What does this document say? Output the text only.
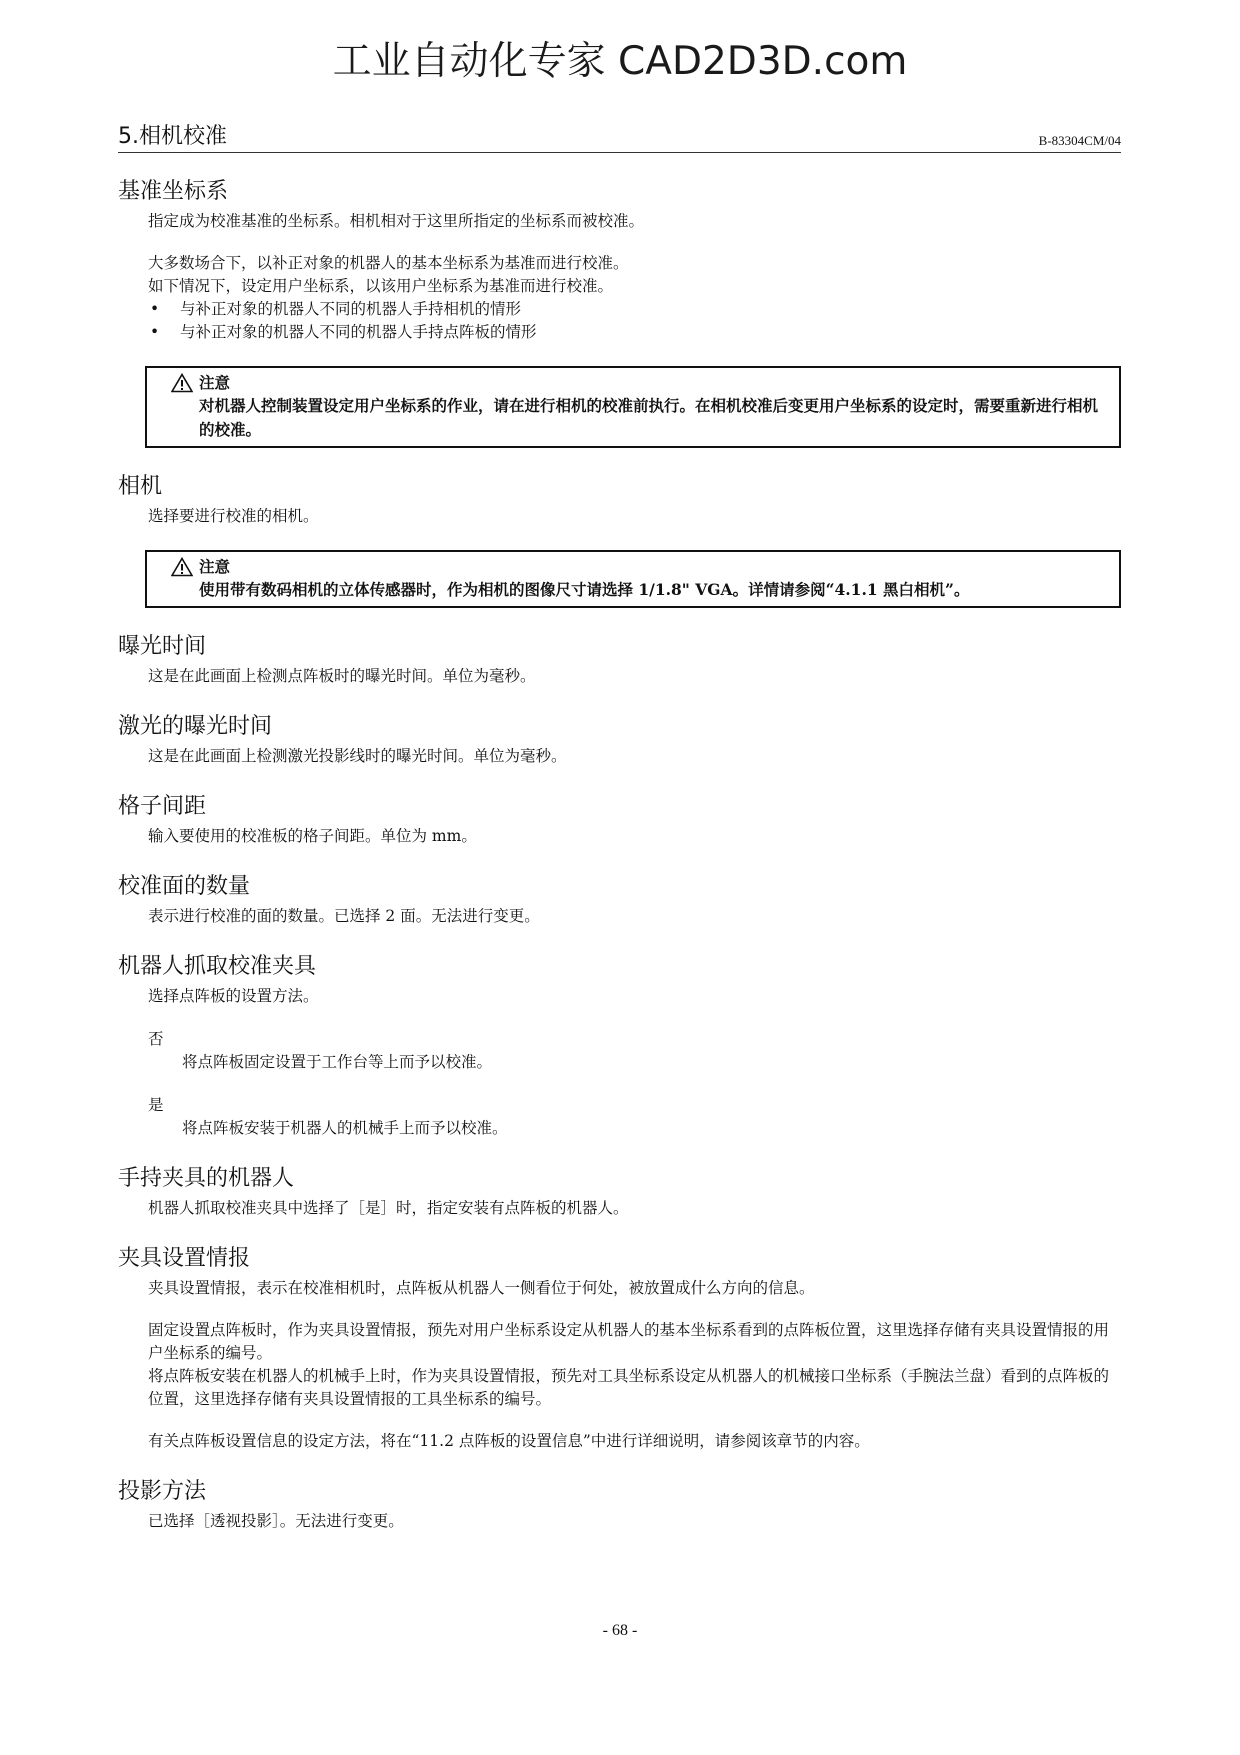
工业自动化专家 CAD2D3D.com
5.相机校准	B-83304CM/04
基准坐标系

指定成为校准基准的坐标系。相机相对于这里所指定的坐标系而被校准。

大多数场合下，以补正对象的机器人的基本坐标系为基准而进行校准。

如下情况下，设定用户坐标系，以该用户坐标系为基准而进行校准。

• 与补正对象的机器人不同的机器人手持相机的情形
• 与补正对象的机器人不同的机器人手持点阵板的情形
注意
对机器人控制装置设定用户坐标系的作业，请在进行相机的校准前执行。在相机校准后变更用户坐标系的设定时，需要重新进行相机的校准。
相机

选择要进行校准的相机。

注意
使用带有数码相机的立体传感器时，作为相机的图像尺寸请选择 1/1.8" VGA。详情请参阅“4.1.1 黑白相机”。
曝光时间

这是在此画面上检测点阵板时的曝光时间。单位为毫秒。

激光的曝光时间

这是在此画面上检测激光投影线时的曝光时间。单位为毫秒。

格子间距

输入要使用的校准板的格子间距。单位为 mm。

校准面的数量

表示进行校准的面的数量。已选择 2 面。无法进行变更。

机器人抓取校准夹具

选择点阵板的设置方法。

否
将点阵板固定设置于工作台等上而予以校准。
是
将点阵板安装于机器人的机械手上而予以校准。
手持夹具的机器人

机器人抓取校准夹具中选择了［是］时，指定安装有点阵板的机器人。

夹具设置情报

夹具设置情报，表示在校准相机时，点阵板从机器人一侧看位于何处，被放置成什么方向的信息。

固定设置点阵板时，作为夹具设置情报，预先对用户坐标系设定从机器人的基本坐标系看到的点阵板位置，这里选择存储有夹具设置情报的用户坐标系的编号。

将点阵板安装在机器人的机械手上时，作为夹具设置情报，预先对工具坐标系设定从机器人的机械接口坐标系（手腕法兰盘）看到的点阵板的位置，这里选择存储有夹具设置情报的工具坐标系的编号。

有关点阵板设置信息的设定方法，将在“11.2 点阵板的设置信息”中进行详细说明，请参阅该章节的内容。

投影方法

已选择［透视投影］。无法进行变更。

- 68 -
